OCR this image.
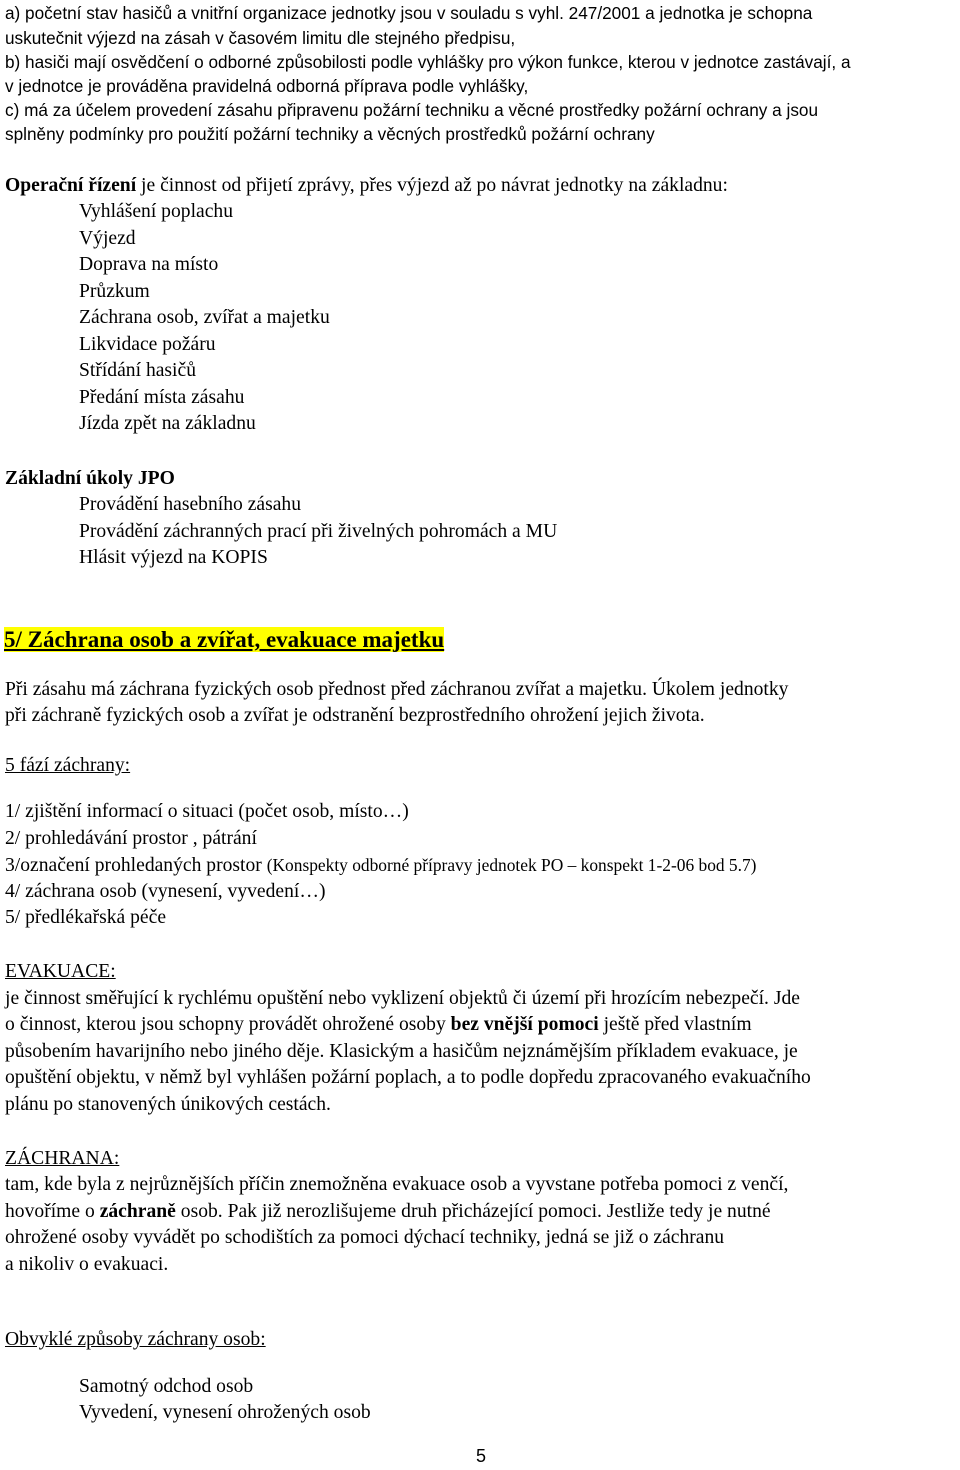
a) početní stav hasičů a vnitřní organizace jednotky jsou v souladu s vyhl. 247/2001 a jednotka je schopna
uskutečnit výjezd na zásah v časovém limitu dle stejného předpisu,
b) hasiči mají osvědčení o odborné způsobilosti podle vyhlášky pro výkon funkce, kterou v jednotce zastávají, a
v jednotce je prováděna pravidelná odborná příprava podle vyhlášky,
c) má za účelem provedení zásahu připravenu požární techniku a věcné prostředky požární ochrany a jsou
splněny podmínky pro použití požární techniky a věcných prostředků požární ochrany
Operační řízení je činnost od přijetí zprávy, přes výjezd až po návrat jednotky na základnu:
Vyhlášení poplachu
Výjezd
Doprava na místo
Průzkum
Záchrana osob, zvířat a majetku
Likvidace požáru
Střídání hasičů
Předání místa zásahu
Jízda zpět na základnu
Základní úkoly JPO
Provádění hasebního zásahu
Provádění záchranných prací při živelných pohromách a MU
Hlásit výjezd na KOPIS
5/ Záchrana osob a zvířat, evakuace majetku
Při zásahu má záchrana fyzických osob přednost před záchranou zvířat a majetku. Úkolem jednotky
při záchraně fyzických osob a zvířat je odstranění bezprostředního ohrožení jejich života.
5 fází záchrany:
1/ zjištění informací o situaci (počet osob, místo…)
2/ prohledávání prostor , pátrání
3/označení prohledaných prostor (Konspekty odborné přípravy jednotek PO – konspekt 1-2-06 bod 5.7)
4/ záchrana osob (vynesení, vyvedení…)
5/ předlékařská péče
EVAKUACE:
je činnost směřující k rychlému opuštění nebo vyklizení objektů či území při hrozícím nebezpečí. Jde
o činnost, kterou jsou schopny provádět ohrožené osoby bez vnější pomoci ještě před vlastním
působením havarijního nebo jiného děje. Klasickým a hasičům nejznámějším příkladem evakuace, je
opuštění objektu, v němž byl vyhlášen požární poplach, a to podle dopředu zpracovaného evakuačního
plánu po stanovených únikových cestách.
ZÁCHRANA:
tam, kde byla z nejrůznějších příčin znemožněna evakuace osob a vyvstane potřeba pomoci z venčí,
hovoříme o záchraně osob. Pak již nerozlišujeme druh přicházející pomoci. Jestliže tedy je nutné
ohrožené osoby vyvádět po schodištích za pomoci dýchací techniky, jedná se již o záchranu
a nikoliv o evakuaci.
Obvyklé způsoby záchrany osob:
Samotný odchod osob
Vyvedení, vynesení ohrožených osob
5
